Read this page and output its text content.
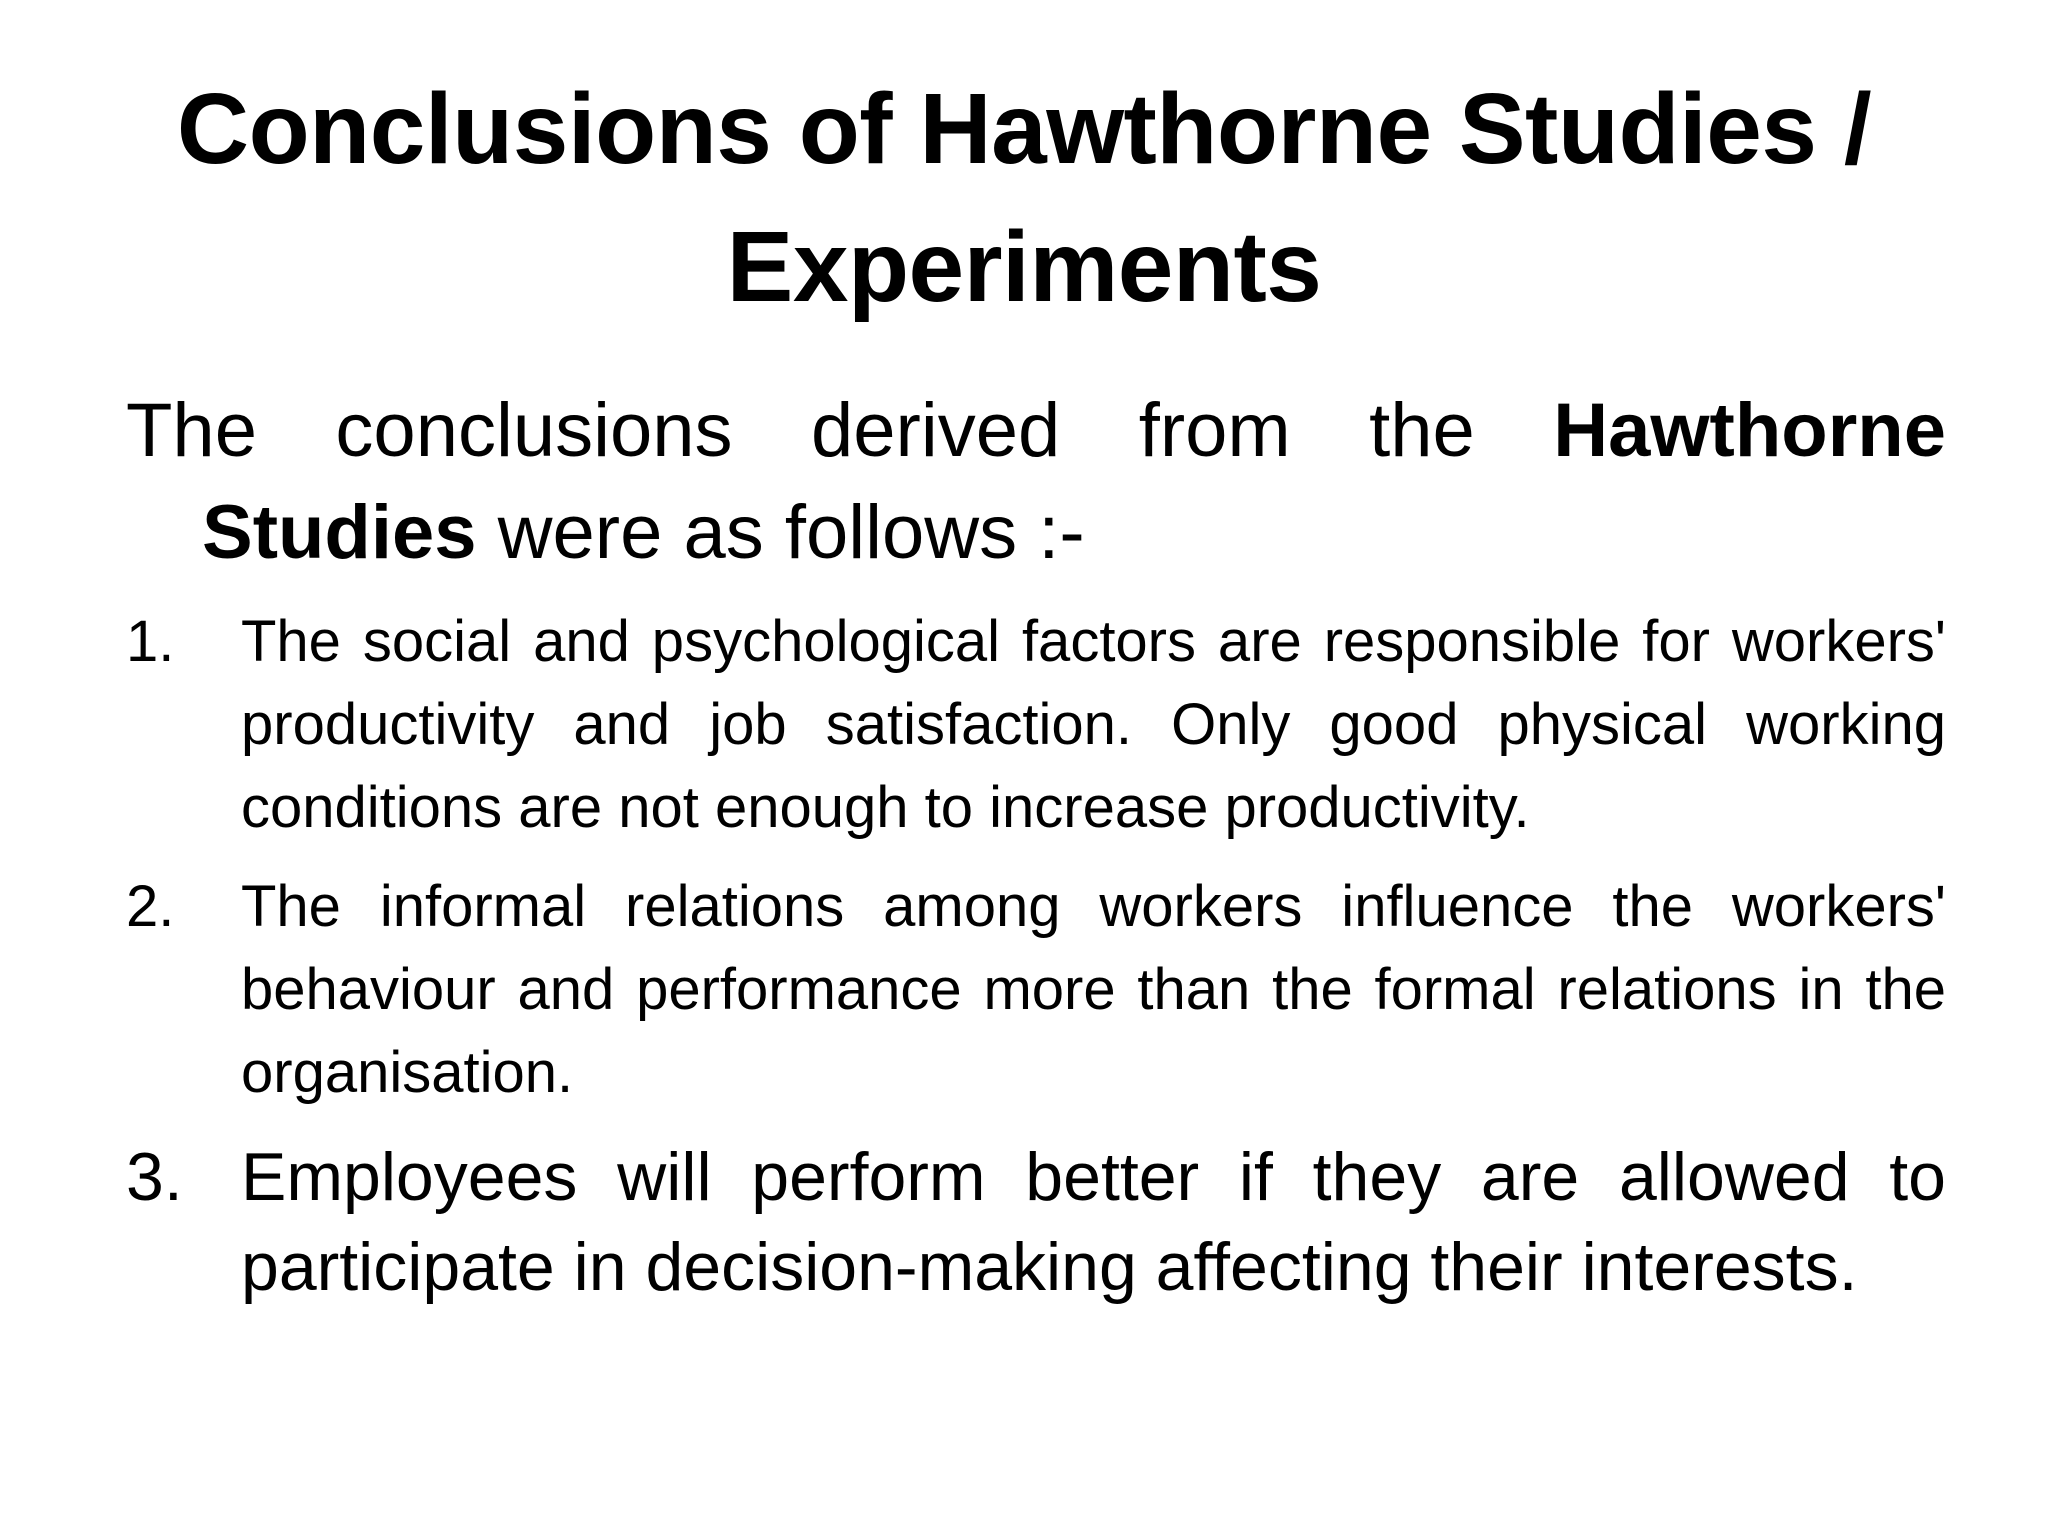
Conclusions of Hawthorne Studies /
Experiments
The conclusions derived from the Hawthorne
Studies were as follows :-
1.	The social and psychological factors are responsible for workers' productivity and job satisfaction. Only good physical working conditions are not enough to increase productivity.
2.	The informal relations among workers influence the workers' behaviour and performance more than the formal relations in the organisation.
3. Employees will perform better if they are allowed to participate in decision-making affecting their interests.
